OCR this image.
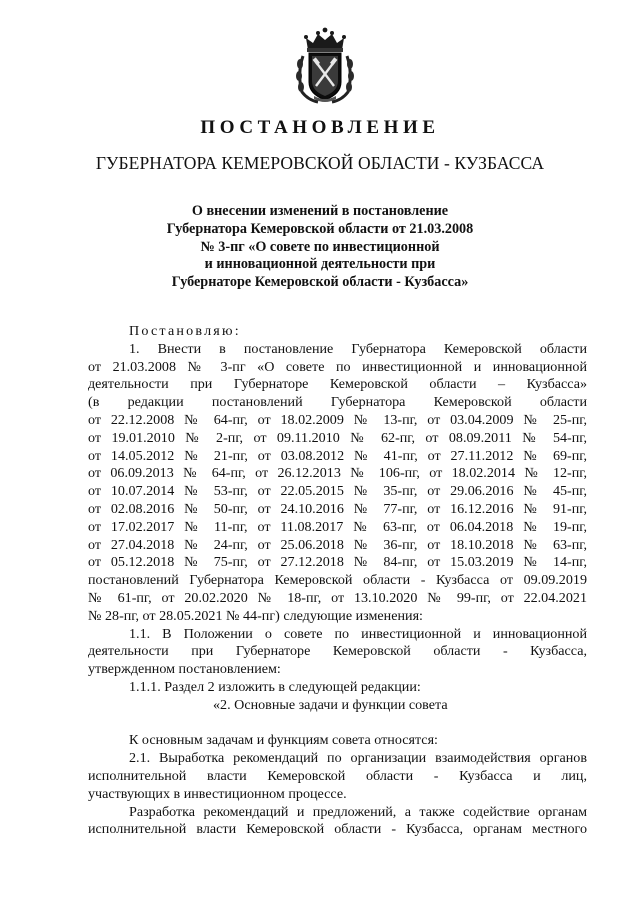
ПОСТАНОВЛЕНИЕ
ГУБЕРНАТОРА КЕМЕРОВСКОЙ ОБЛАСТИ - КУЗБАССА
О внесении изменений в постановление
Губернатора Кемеровской области от 21.03.2008
№ 3-пг «О совете по инвестиционной
и инновационной деятельности при
Губернаторе Кемеровской области - Кузбасса»
Постановляю:
1. Внести в постановление Губернатора Кемеровской области
от 21.03.2008 № 3-пг «О совете по инвестиционной и инновационной
деятельности при Губернаторе Кемеровской области – Кузбасса»
(в редакции постановлений Губернатора Кемеровской области
от 22.12.2008 № 64-пг, от 18.02.2009 № 13-пг, от 03.04.2009 № 25-пг,
от 19.01.2010 № 2-пг, от 09.11.2010 № 62-пг, от 08.09.2011 № 54-пг,
от 14.05.2012 № 21-пг, от 03.08.2012 № 41-пг, от 27.11.2012 № 69-пг,
от 06.09.2013 № 64-пг, от 26.12.2013 № 106-пг, от 18.02.2014 № 12-пг,
от 10.07.2014 № 53-пг, от 22.05.2015 № 35-пг, от 29.06.2016 № 45-пг,
от 02.08.2016 № 50-пг, от 24.10.2016 № 77-пг, от 16.12.2016 № 91-пг,
от 17.02.2017 № 11-пг, от 11.08.2017 № 63-пг, от 06.04.2018 № 19-пг,
от 27.04.2018 № 24-пг, от 25.06.2018 № 36-пг, от 18.10.2018 № 63-пг,
от 05.12.2018 № 75-пг, от 27.12.2018 № 84-пг, от 15.03.2019 № 14-пг,
постановлений Губернатора Кемеровской области - Кузбасса от 09.09.2019
№ 61-пг, от 20.02.2020 № 18-пг, от 13.10.2020 № 99-пг, от 22.04.2021
№ 28-пг, от 28.05.2021 № 44-пг) следующие изменения:
1.1. В Положении о совете по инвестиционной и инновационной
деятельности при Губернаторе Кемеровской области - Кузбасса,
утвержденном постановлением:
1.1.1. Раздел 2 изложить в следующей редакции:
«2. Основные задачи и функции совета
К основным задачам и функциям совета относятся:
2.1. Выработка рекомендаций по организации взаимодействия органов
исполнительной власти Кемеровской области - Кузбасса и лиц,
участвующих в инвестиционном процессе.
Разработка рекомендаций и предложений, а также содействие органам
исполнительной власти Кемеровской области - Кузбасса, органам местного
